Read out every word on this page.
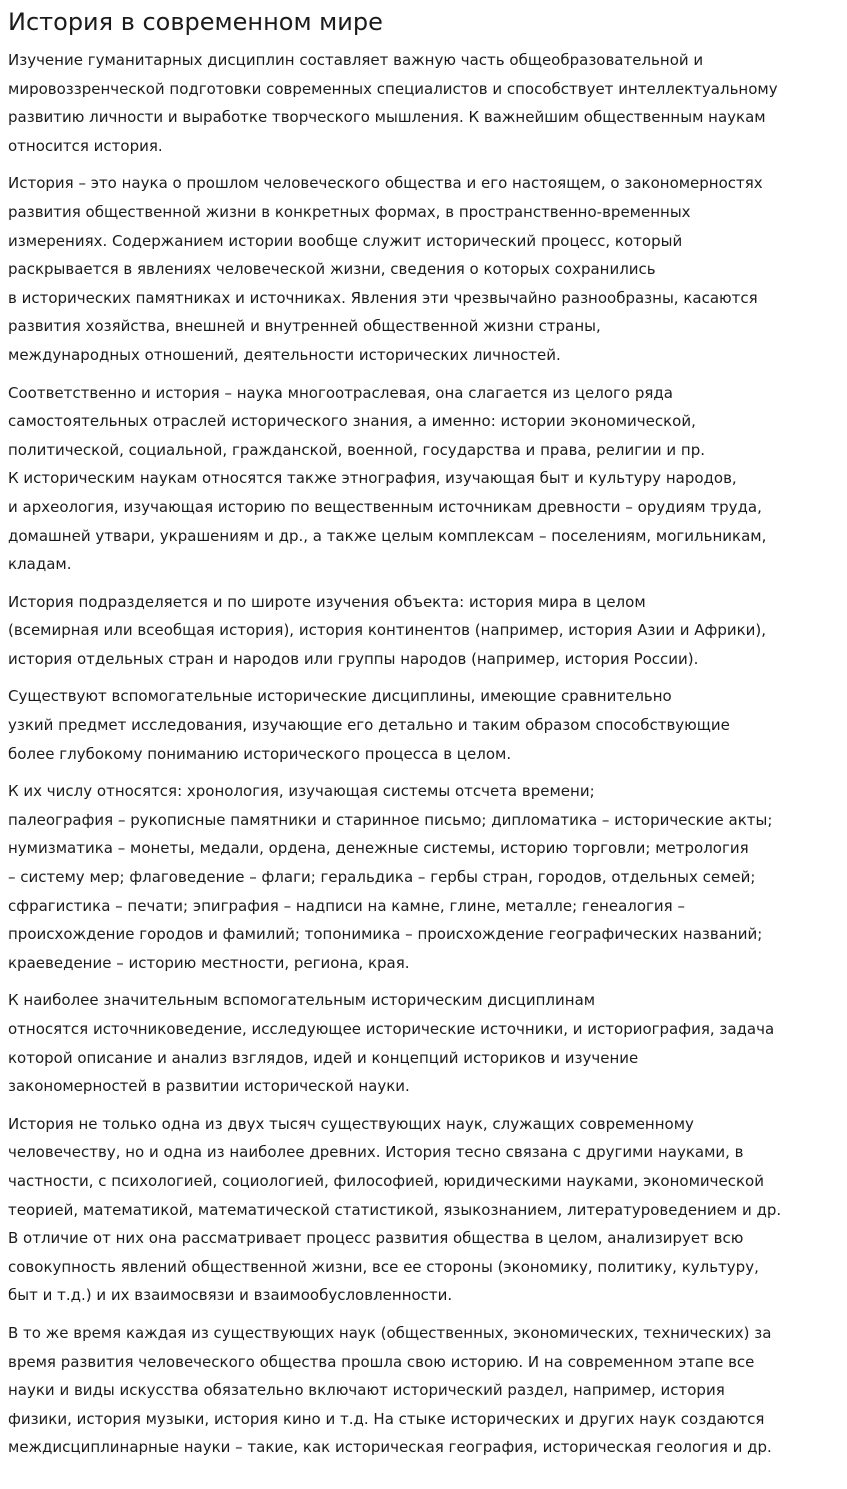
История в современном мире

Изучение гуманитарных дисциплин составляет важную часть общеобразовательной и
мировоззренческой подготовки современных специалистов и способствует интеллектуальному
развитию личности и выработке творческого мышления. К важнейшим общественным наукам
относится история.

История – это наука о прошлом человеческого общества и его настоящем, о закономерностях
развития общественной жизни в конкретных формах, в пространственно-временных
измерениях. Содержанием истории вообще служит исторический процесс, который
раскрывается в явлениях человеческой жизни, сведения о которых сохранились
в исторических памятниках и источниках. Явления эти чрезвычайно разнообразны, касаются
развития хозяйства, внешней и внутренней общественной жизни страны,
международных отношений, деятельности исторических личностей.

Соответственно и история – наука многоотраслевая, она слагается из целого ряда
самостоятельных отраслей исторического знания, а именно: истории экономической,
политической, социальной, гражданской, военной, государства и права, религии и пр.
К историческим наукам относятся также этнография, изучающая быт и культуру народов,
и археология, изучающая историю по вещественным источникам древности – орудиям труда,
домашней утвари, украшениям и др., а также целым комплексам – поселениям, могильникам,
кладам.

История подразделяется и по широте изучения объекта: история мира в целом
(всемирная или всеобщая история), история континентов (например, история Азии и Африки),
история отдельных стран и народов или группы народов (например, история России).

Существуют вспомогательные исторические дисциплины, имеющие сравнительно
узкий предмет исследования, изучающие его детально и таким образом способствующие
более глубокому пониманию исторического процесса в целом.

К их числу относятся: хронология, изучающая системы отсчета времени;
палеография – рукописные памятники и старинное письмо; дипломатика – исторические акты;
нумизматика – монеты, медали, ордена, денежные системы, историю торговли; метрология
– систему мер; флаговедение – флаги; геральдика – гербы стран, городов, отдельных семей;
сфрагистика – печати; эпиграфия – надписи на камне, глине, металле; генеалогия –
происхождение городов и фамилий; топонимика – происхождение географических названий;
краеведение – историю местности, региона, края.

К наиболее значительным вспомогательным историческим дисциплинам
относятся источниковедение, исследующее исторические источники, и историография, задача
которой описание и анализ взглядов, идей и концепций историков и изучение
закономерностей в развитии исторической науки.

История не только одна из двух тысяч существующих наук, служащих современному
человечеству, но и одна из наиболее древних. История тесно связана с другими науками, в
частности, с психологией, социологией, философией, юридическими науками, экономической
теорией, математикой, математической статистикой, языкознанием, литературоведением и др.
В отличие от них она рассматривает процесс развития общества в целом, анализирует всю
совокупность явлений общественной жизни, все ее стороны (экономику, политику, культуру,
быт и т.д.) и их взаимосвязи и взаимообусловленности.

В то же время каждая из существующих наук (общественных, экономических, технических) за
время развития человеческого общества прошла свою историю. И на современном этапе все
науки и виды искусства обязательно включают исторический раздел, например, история
физики, история музыки, история кино и т.д. На стыке исторических и других наук создаются
междисциплинарные науки – такие, как историческая география, историческая геология и др.
